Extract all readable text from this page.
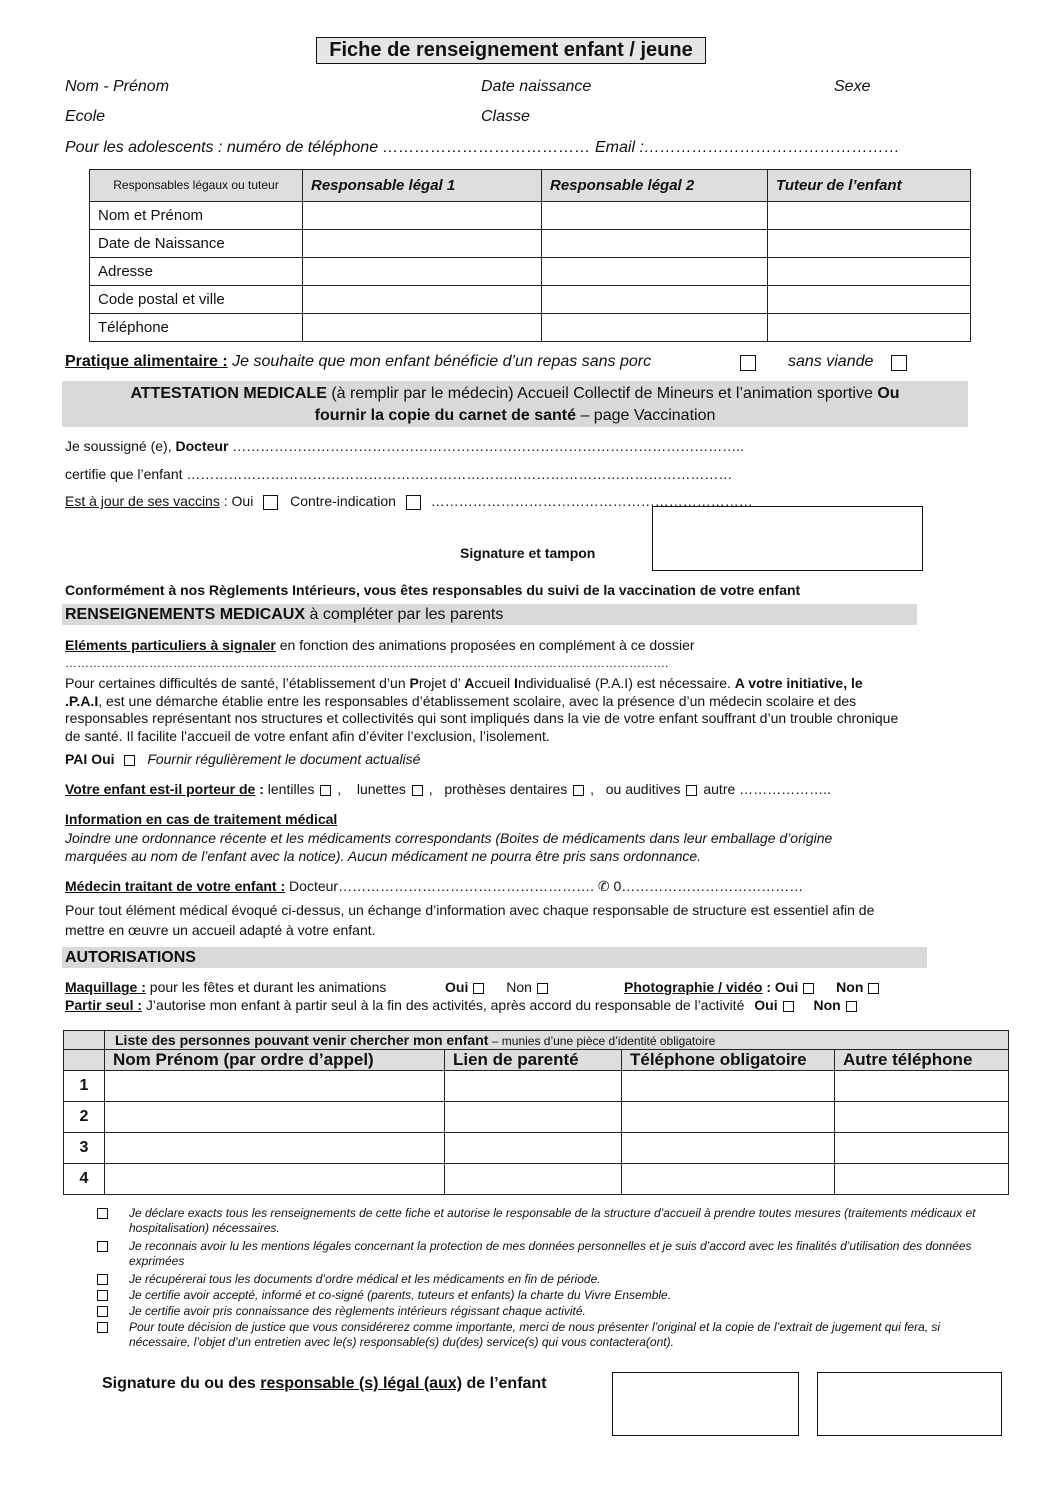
Fiche de renseignement enfant / jeune
Nom - Prénom	Date naissance	Sexe
Ecole	Classe
Pour les adolescents : numéro de téléphone ………………………………… Email :…………………………………………
Responsables légaux ou tuteur	Responsable légal 1	Responsable légal 2	Tuteur de l’enfant
Nom et Prénom			
Date de Naissance			
Adresse			
Code postal et ville			
Téléphone			
Pratique alimentaire : Je souhaite que mon enfant bénéficie d’un repas sans porc	sans viande
ATTESTATION MEDICALE (à remplir par le médecin) Accueil Collectif de Mineurs et l’animation sportive Ou
fournir la copie du carnet de santé – page Vaccination
Je soussigné (e), Docteur ………………………………………………………………………………………………..
certifie que l’enfant ………………………………………………………………………………………………………
Est à jour de ses vaccins : Oui	Contre-indication ……………………………………………………………
Signature et tampon
Conformément à nos Règlements Intérieurs, vous êtes responsables du suivi de la vaccination de votre enfant
RENSEIGNEMENTS MEDICAUX à compléter par les parents
Eléments particuliers à signaler en fonction des animations proposées en complément à ce dossier
…………………………………………………………………………………………………………………………………….
Pour certaines difficultés de santé, l’établissement d’un Projet d’ Accueil Individualisé (P.A.I) est nécessaire. A votre initiative, le .P.A.I, est une démarche établie entre les responsables d’établissement scolaire, avec la présence d’un médecin scolaire et des responsables représentant nos structures et collectivités qui sont impliqués dans la vie de votre enfant souffrant d’un trouble chronique de santé. Il facilite l’accueil de votre enfant afin d’éviter l’exclusion, l’isolement.
PAI Oui Fournir régulièrement le document actualisé
Votre enfant est-il porteur de : lentilles ,    lunettes ,   prothèses dentaires ,   ou auditives autre ………………..
Information en cas de traitement médical
Joindre une ordonnance récente et les médicaments correspondants (Boites de médicaments dans leur emballage d’origine marquées au nom de l’enfant avec la notice). Aucun médicament ne pourra être pris sans ordonnance.
Médecin traitant de votre enfant : Docteur………………………………………………. ✆ 0…………………………………
Pour tout élément médical évoqué ci-dessus, un échange d’information avec chaque responsable de structure est essentiel afin de mettre en œuvre un accueil adapté à votre enfant.
AUTORISATIONS
Maquillage : pour les fêtes et durant les animations	Oui	Non	Photographie / vidéo : Oui	Non
Partir seul : J’autorise mon enfant à partir seul à la fin des activités, après accord du responsable de l’activité Oui	Non
	Liste des personnes pouvant venir chercher mon enfant – munies d’une pièce d’identité obligatoire			
	Nom Prénom (par ordre d’appel)	Lien de parenté	Téléphone obligatoire	Autre téléphone
1				
2				
3				
4				
Je déclare exacts tous les renseignements de cette fiche et autorise le responsable de la structure d’accueil à prendre toutes mesures (traitements médicaux et hospitalisation) nécessaires.
Je reconnais avoir lu les mentions légales concernant la protection de mes données personnelles et je suis d’accord avec les finalités d’utilisation des données exprimées
Je récupérerai tous les documents d’ordre médical et les médicaments en fin de période.
Je certifie avoir accepté, informé et co-signé (parents, tuteurs et enfants) la charte du Vivre Ensemble.
Je certifie avoir pris connaissance des règlements intérieurs régissant chaque activité.
Pour toute décision de justice que vous considérerez comme importante, merci de nous présenter l’original et la copie de l’extrait de jugement qui fera, si nécessaire, l’objet d’un entretien avec le(s) responsable(s) du(des) service(s) qui vous contactera(ont).
Signature du ou des responsable (s) légal (aux) de l’enfant
